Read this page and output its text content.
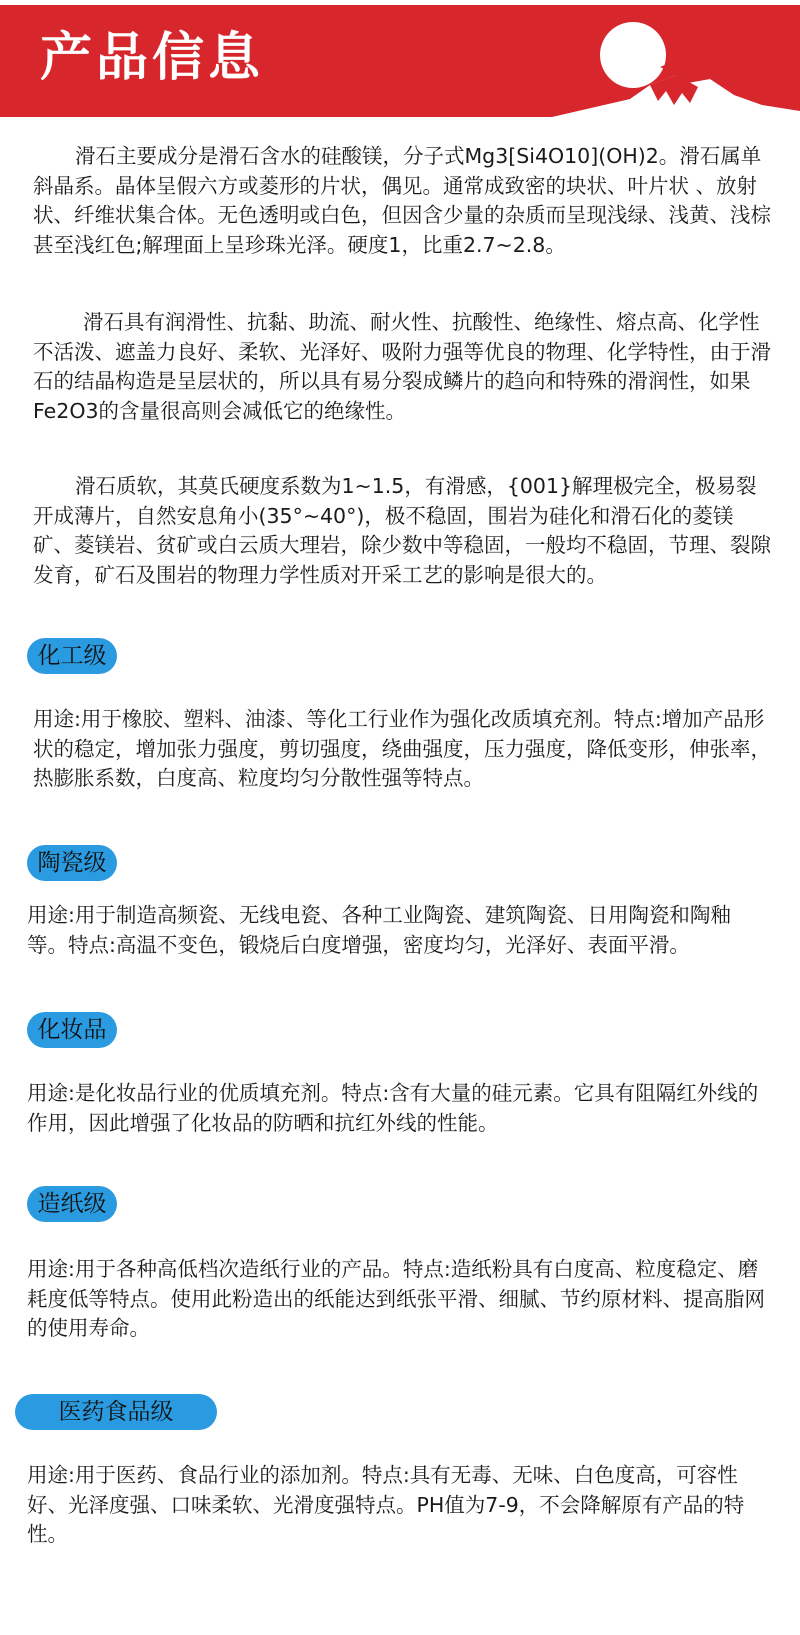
产品信息

滑石主要成分是滑石含水的硅酸镁，分子式Mg3[Si4O10](OH)2。滑石属单斜晶系。晶体呈假六方或菱形的片状，偶见。通常成致密的块状、叶片状 、放射状、纤维状集合体。无色透明或白色，但因含少量的杂质而呈现浅绿、浅黄、浅棕甚至浅红色;解理面上呈珍珠光泽。硬度1，比重2.7~2.8。

滑石具有润滑性、抗黏、助流、耐火性、抗酸性、绝缘性、熔点高、化学性不活泼、遮盖力良好、柔软、光泽好、吸附力强等优良的物理、化学特性，由于滑石的结晶构造是呈层状的，所以具有易分裂成鳞片的趋向和特殊的滑润性，如果Fe2O3的含量很高则会减低它的绝缘性。

滑石质软，其莫氏硬度系数为1~1.5，有滑感，{001}解理极完全，极易裂开成薄片，自然安息角小(35°~40°)，极不稳固，围岩为硅化和滑石化的菱镁矿、菱镁岩、贫矿或白云质大理岩，除少数中等稳固，一般均不稳固，节理、裂隙发育，矿石及围岩的物理力学性质对开采工艺的影响是很大的。

化工级

用途:用于橡胶、塑料、油漆、等化工行业作为强化改质填充剂。特点:增加产品形状的稳定，增加张力强度，剪切强度，绕曲强度，压力强度，降低变形，伸张率，热膨胀系数，白度高、粒度均匀分散性强等特点。

陶瓷级

用途:用于制造高频瓷、无线电瓷、各种工业陶瓷、建筑陶瓷、日用陶瓷和陶釉等。特点:高温不变色，锻烧后白度增强，密度均匀，光泽好、表面平滑。

化妆品

用途:是化妆品行业的优质填充剂。特点:含有大量的硅元素。它具有阻隔红外线的作用，因此增强了化妆品的防晒和抗红外线的性能。

造纸级

用途:用于各种高低档次造纸行业的产品。特点:造纸粉具有白度高、粒度稳定、磨耗度低等特点。使用此粉造出的纸能达到纸张平滑、细腻、节约原材料、提高脂网的使用寿命。

医药食品级

用途:用于医药、食品行业的添加剂。特点:具有无毒、无味、白色度高，可容性好、光泽度强、口味柔软、光滑度强特点。PH值为7-9，不会降解原有产品的特性。
